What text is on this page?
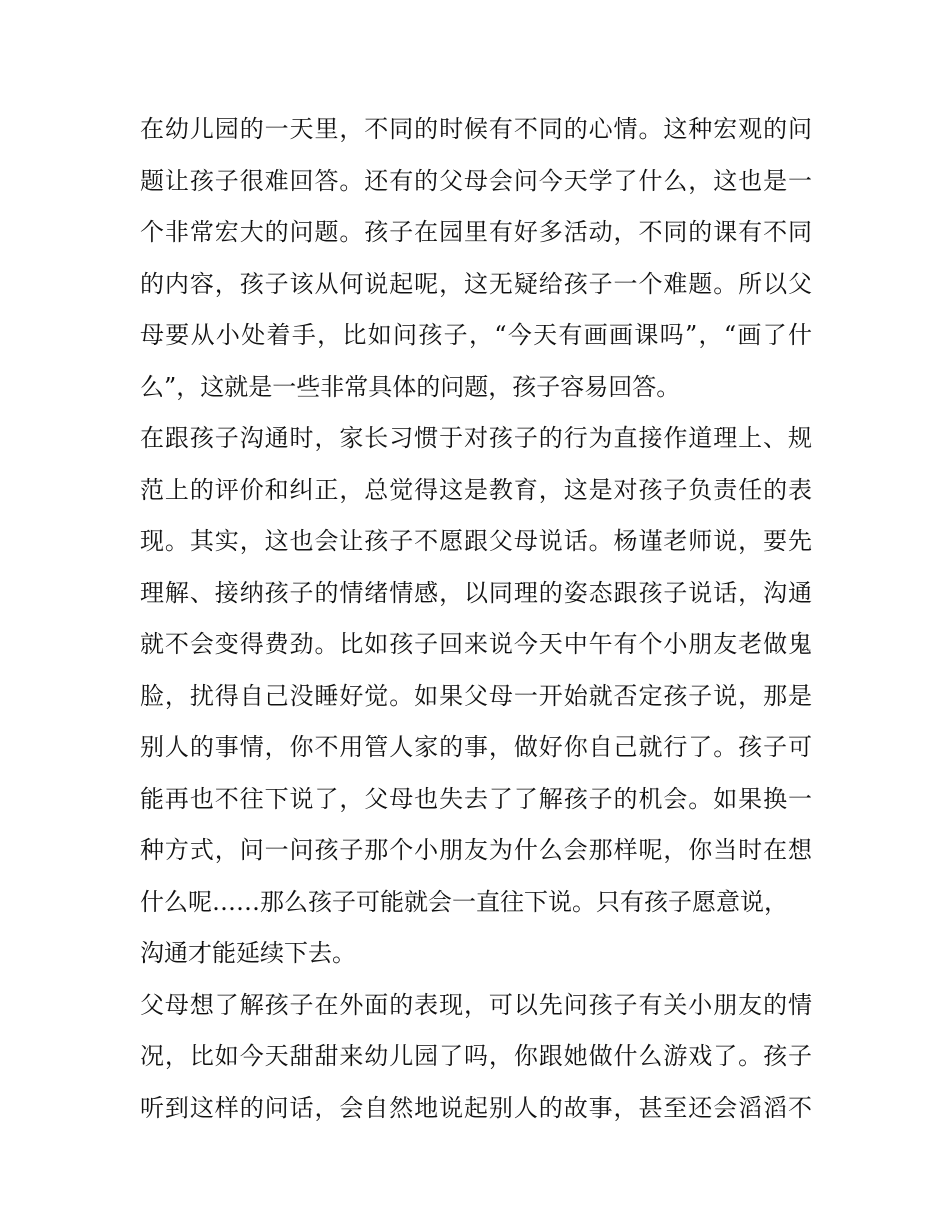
在幼儿园的一天里，不同的时候有不同的心情。这种宏观的问
题让孩子很难回答。还有的父母会问今天学了什么，这也是一
个非常宏大的问题。孩子在园里有好多活动，不同的课有不同
的内容，孩子该从何说起呢，这无疑给孩子一个难题。所以父
母要从小处着手，比如问孩子，“今天有画画课吗”，“画了什
么”，这就是一些非常具体的问题，孩子容易回答。
在跟孩子沟通时，家长习惯于对孩子的行为直接作道理上、规
范上的评价和纠正，总觉得这是教育，这是对孩子负责任的表
现。其实，这也会让孩子不愿跟父母说话。杨谨老师说，要先
理解、接纳孩子的情绪情感，以同理的姿态跟孩子说话，沟通
就不会变得费劲。比如孩子回来说今天中午有个小朋友老做鬼
脸，扰得自己没睡好觉。如果父母一开始就否定孩子说，那是
别人的事情，你不用管人家的事，做好你自己就行了。孩子可
能再也不往下说了，父母也失去了了解孩子的机会。如果换一
种方式，问一问孩子那个小朋友为什么会那样呢，你当时在想
什么呢……那么孩子可能就会一直往下说。只有孩子愿意说，
沟通才能延续下去。
父母想了解孩子在外面的表现，可以先问孩子有关小朋友的情
况，比如今天甜甜来幼儿园了吗，你跟她做什么游戏了。孩子
听到这样的问话，会自然地说起别人的故事，甚至还会滔滔不
